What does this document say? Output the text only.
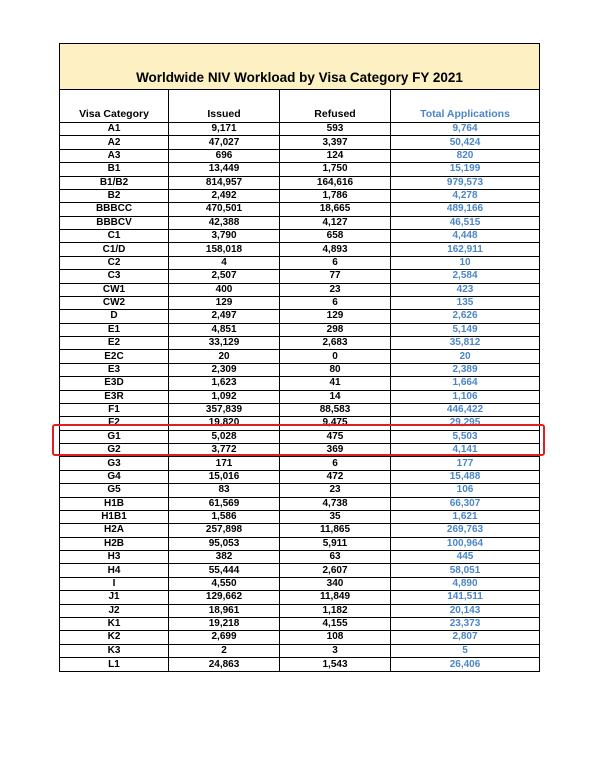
Worldwide NIV Workload by Visa Category FY 2021
Visa Category	Issued	Refused	Total Applications
A1	9,171	593	9,764
A2	47,027	3,397	50,424
A3	696	124	820
B1	13,449	1,750	15,199
B1/B2	814,957	164,616	979,573
B2	2,492	1,786	4,278
BBBCC	470,501	18,665	489,166
BBBCV	42,388	4,127	46,515
C1	3,790	658	4,448
C1/D	158,018	4,893	162,911
C2	4	6	10
C3	2,507	77	2,584
CW1	400	23	423
CW2	129	6	135
D	2,497	129	2,626
E1	4,851	298	5,149
E2	33,129	2,683	35,812
E2C	20	0	20
E3	2,309	80	2,389
E3D	1,623	41	1,664
E3R	1,092	14	1,106
F1	357,839	88,583	446,422
F2	19,820	9,475	29,295
G1	5,028	475	5,503
G2	3,772	369	4,141
G3	171	6	177
G4	15,016	472	15,488
G5	83	23	106
H1B	61,569	4,738	66,307
H1B1	1,586	35	1,621
H2A	257,898	11,865	269,763
H2B	95,053	5,911	100,964
H3	382	63	445
H4	55,444	2,607	58,051
I	4,550	340	4,890
J1	129,662	11,849	141,511
J2	18,961	1,182	20,143
K1	19,218	4,155	23,373
K2	2,699	108	2,807
K3	2	3	5
L1	24,863	1,543	26,406
